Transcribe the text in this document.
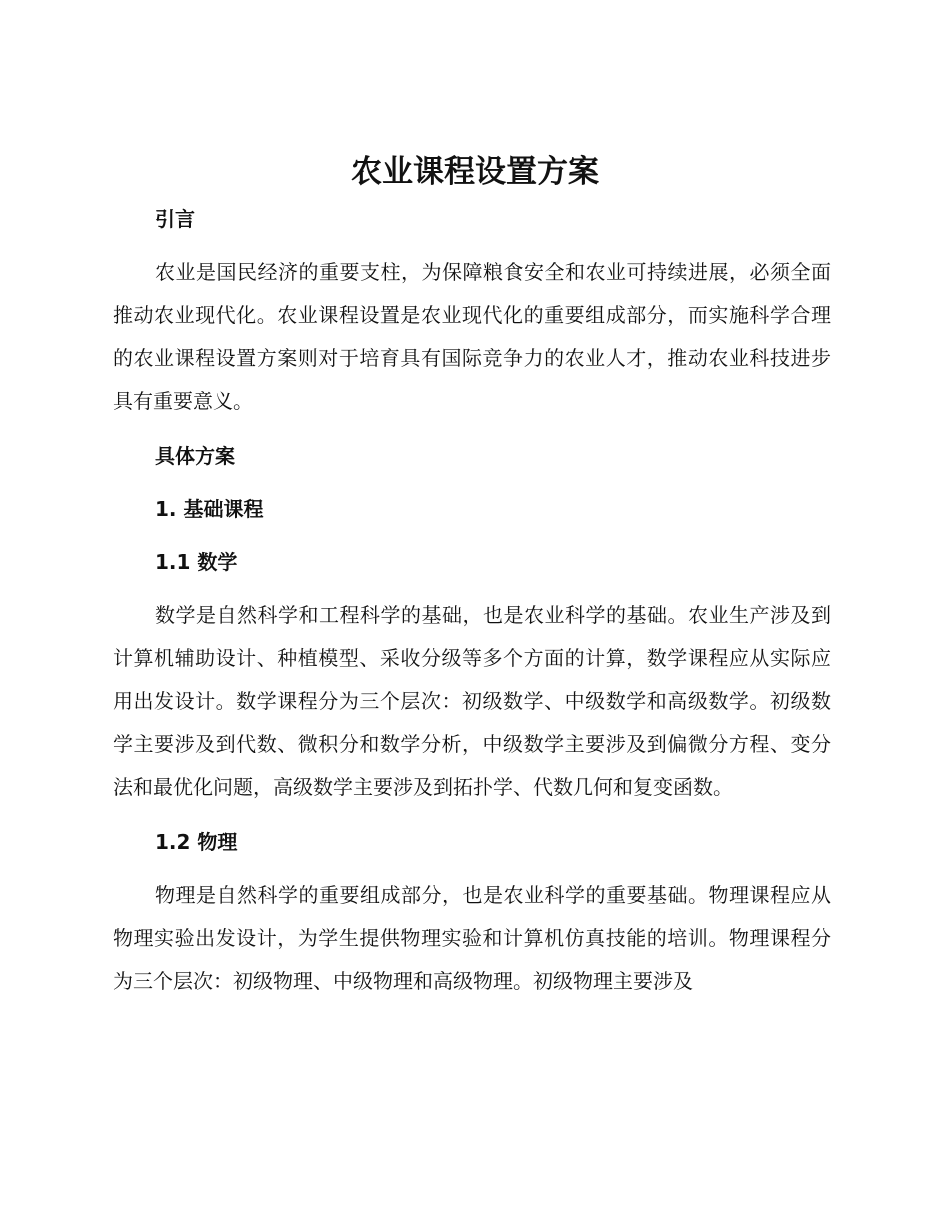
农业课程设置方案

引言

农业是国民经济的重要支柱，为保障粮食安全和农业可持续进展，必须全面推动农业现代化。农业课程设置是农业现代化的重要组成部分，而实施科学合理的农业课程设置方案则对于培育具有国际竞争力的农业人才，推动农业科技进步具有重要意义。

具体方案

1. 基础课程

1.1 数学

数学是自然科学和工程科学的基础，也是农业科学的基础。农业生产涉及到计算机辅助设计、种植模型、采收分级等多个方面的计算，数学课程应从实际应用出发设计。数学课程分为三个层次：初级数学、中级数学和高级数学。初级数学主要涉及到代数、微积分和数学分析，中级数学主要涉及到偏微分方程、变分法和最优化问题，高级数学主要涉及到拓扑学、代数几何和复变函数。

1.2 物理

物理是自然科学的重要组成部分，也是农业科学的重要基础。物理课程应从物理实验出发设计，为学生提供物理实验和计算机仿真技能的培训。物理课程分为三个层次：初级物理、中级物理和高级物理。初级物理主要涉及
